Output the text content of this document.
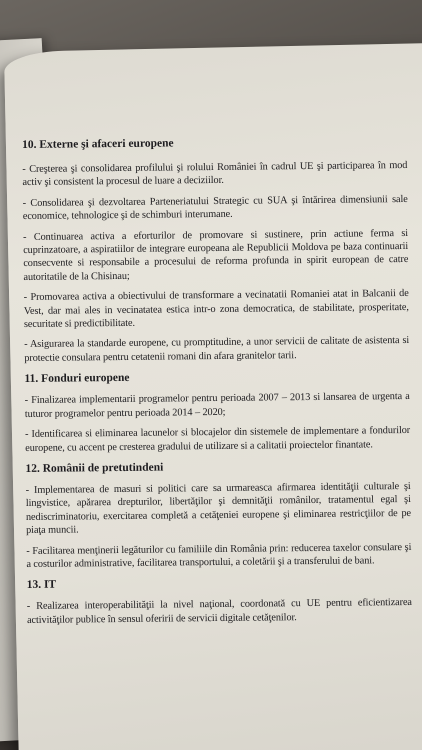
10. Externe şi afaceri europene

- Creşterea şi consolidarea profilului şi rolului României în cadrul UE şi participarea în mod activ şi consistent la procesul de luare a deciziilor.

- Consolidarea şi dezvoltarea Parteneriatului Strategic cu SUA şi întărirea dimensiunii sale economice, tehnologice şi de schimburi interumane.

- Continuarea activa a eforturilor de promovare si sustinere, prin actiune ferma si cuprinzatoare, a aspiratiilor de integrare europeana ale Republicii Moldova pe baza continuarii consecvente si responsabile a procesului de reforma profunda in spirit european de catre autoritatile de la Chisinau;

- Promovarea activa a obiectivului de transformare a vecinatatii Romaniei atat in Balcanii de Vest, dar mai ales in vecinatatea estica intr-o zona democratica, de stabilitate, prosperitate, securitate si predictibilitate.

- Asigurarea la standarde europene, cu promptitudine, a unor servicii de calitate de asistenta si protectie consulara pentru cetatenii romani din afara granitelor tarii.

11. Fonduri europene

- Finalizarea implementarii programelor pentru perioada 2007 – 2013 si lansarea de urgenta a tuturor programelor pentru perioada 2014 – 2020;

- Identificarea si eliminarea lacunelor si blocajelor din sistemele de implementare a fondurilor europene, cu accent pe cresterea gradului de utilizare si a calitatii proiectelor finantate.

12. Românii de pretutindeni

- Implementarea de masuri si politici care sa urmareasca afirmarea identităţii culturale şi lingvistice, apărarea drepturilor, libertăţilor şi demnităţii românilor, tratamentul egal şi nediscriminatoriu, exercitarea completă a cetăţeniei europene şi eliminarea restricţiilor de pe piaţa muncii.

- Facilitarea menţinerii legăturilor cu familiile din România prin: reducerea taxelor consulare şi a costurilor administrative, facilitarea transportului, a coletării şi a transferului de bani.

13. IT

- Realizarea interoperabilităţii la nivel naţional, coordonată cu UE pentru eficientizarea activităţilor publice în sensul oferirii de servicii digitale cetăţenilor.
